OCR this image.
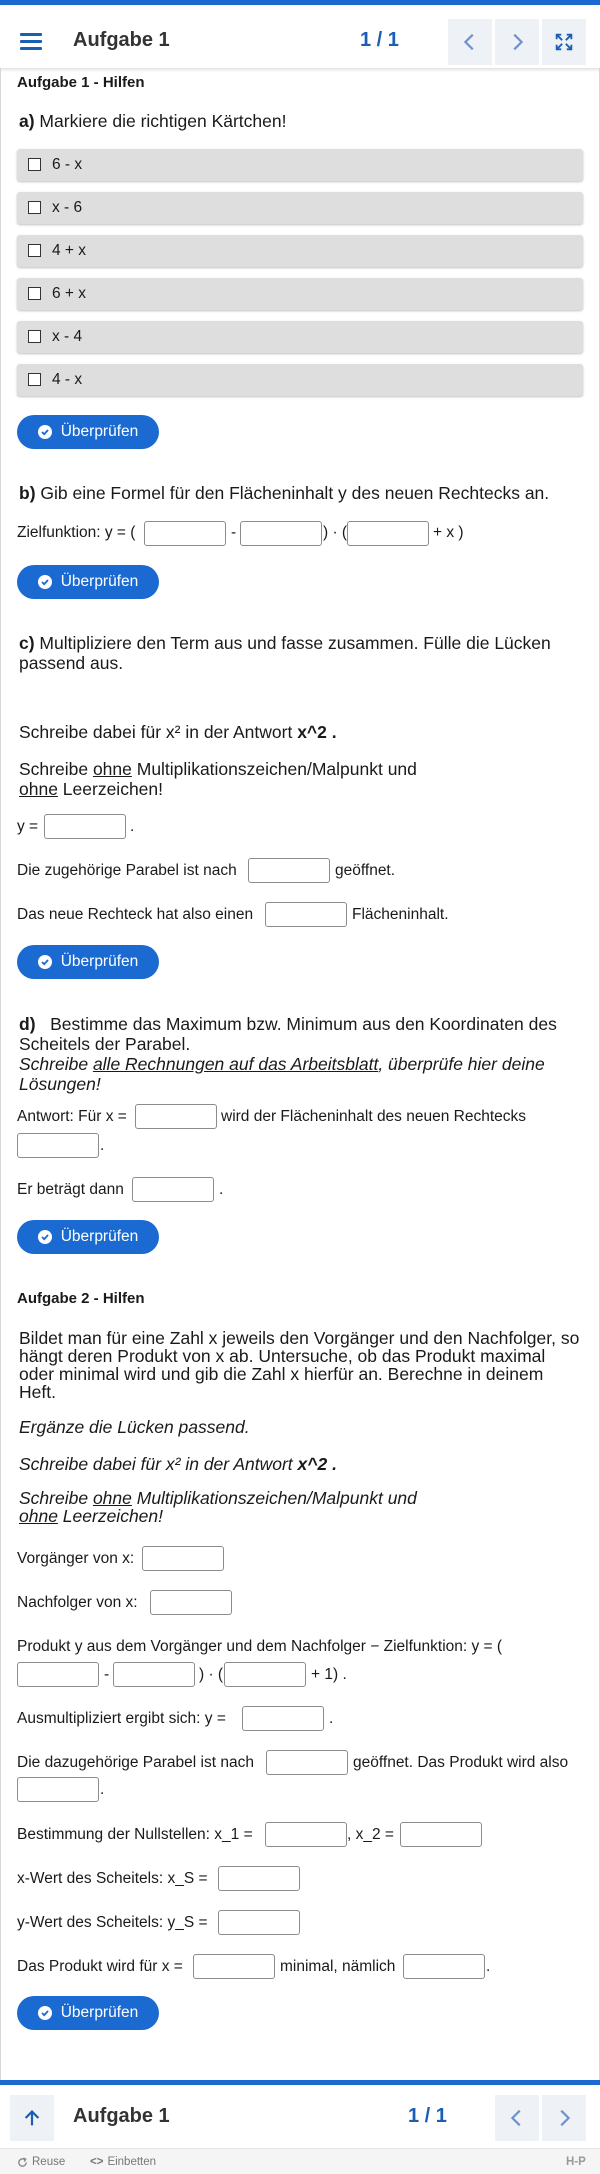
Aufgabe 1	1 / 1
Aufgabe 1 - Hilfen
a) Markiere die richtigen Kärtchen!
6 - x
x - 6
4 + x
6 + x
x - 4
4 - x
Überprüfen
b) Gib eine Formel für den Flächeninhalt y des neuen Rechtecks an.
Zielfunktion: y = (	-	) · (	+ x )
Überprüfen
c) Multipliziere den Term aus und fasse zusammen. Fülle die Lücken passend aus.
Schreibe dabei für x² in der Antwort x^2 .
Schreibe ohne Multiplikationszeichen/Malpunkt und
ohne Leerzeichen!
y =	.
Die zugehörige Parabel ist nach	geöffnet.
Das neue Rechteck hat also einen	Flächeninhalt.
Überprüfen
d)   Bestimme das Maximum bzw. Minimum aus den Koordinaten des Scheitels der Parabel.
Schreibe alle Rechnungen auf das Arbeitsblatt, überprüfe hier deine Lösungen!
Antwort: Für x =	wird der Flächeninhalt des neuen Rechtecks
.
Er beträgt dann	.
Überprüfen
Aufgabe 2 - Hilfen
Bildet man für eine Zahl x jeweils den Vorgänger und den Nachfolger, so hängt deren Produkt von x ab. Untersuche, ob das Produkt maximal oder minimal wird und gib die Zahl x hierfür an. Berechne in deinem Heft.
Ergänze die Lücken passend.
Schreibe dabei für x² in der Antwort x^2 .
Schreibe ohne Multiplikationszeichen/Malpunkt und
ohne Leerzeichen!
Vorgänger von x:
Nachfolger von x:
Produkt y aus dem Vorgänger und dem Nachfolger − Zielfunktion: y = (
-	) · (	+ 1) .
Ausmultipliziert ergibt sich: y =	.
Die dazugehörige Parabel ist nach	geöffnet. Das Produkt wird also
.
Bestimmung der Nullstellen: x_1 =	, x_2 =
x-Wert des Scheitels: x_S =
y-Wert des Scheitels: y_S =
Das Produkt wird für x =	minimal, nämlich	.
Überprüfen
Aufgabe 1	1 / 1
Reuse <> Einbetten	H-P
